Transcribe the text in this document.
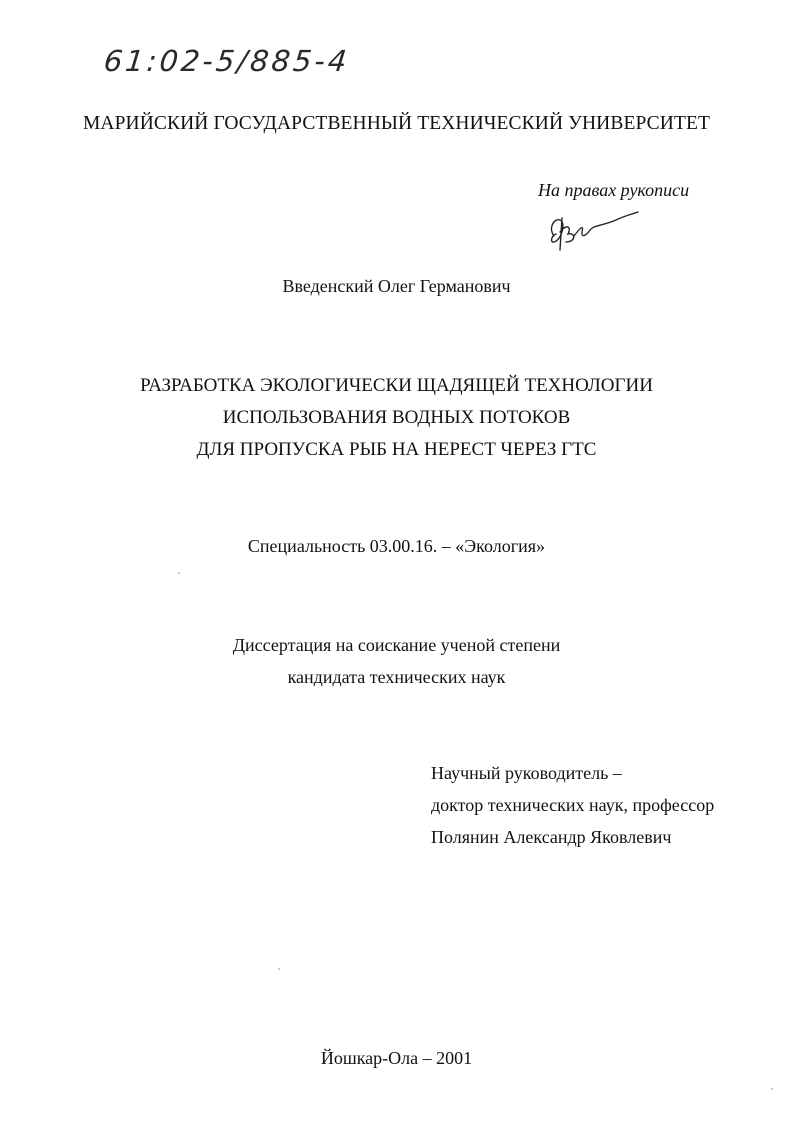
61:02-5/885-4
МАРИЙСКИЙ ГОСУДАРСТВЕННЫЙ ТЕХНИЧЕСКИЙ УНИВЕРСИТЕТ
На правах рукописи
Введенский Олег Германович
РАЗРАБОТКА ЭКОЛОГИЧЕСКИ ЩАДЯЩЕЙ ТЕХНОЛОГИИ
ИСПОЛЬЗОВАНИЯ ВОДНЫХ ПОТОКОВ
ДЛЯ ПРОПУСКА РЫБ НА НЕРЕСТ ЧЕРЕЗ ГТС
Специальность 03.00.16. – «Экология»
Диссертация на соискание ученой степени
кандидата технических наук
Научный руководитель –
доктор технических наук, профессор
Полянин Александр Яковлевич
Йошкар-Ола – 2001
